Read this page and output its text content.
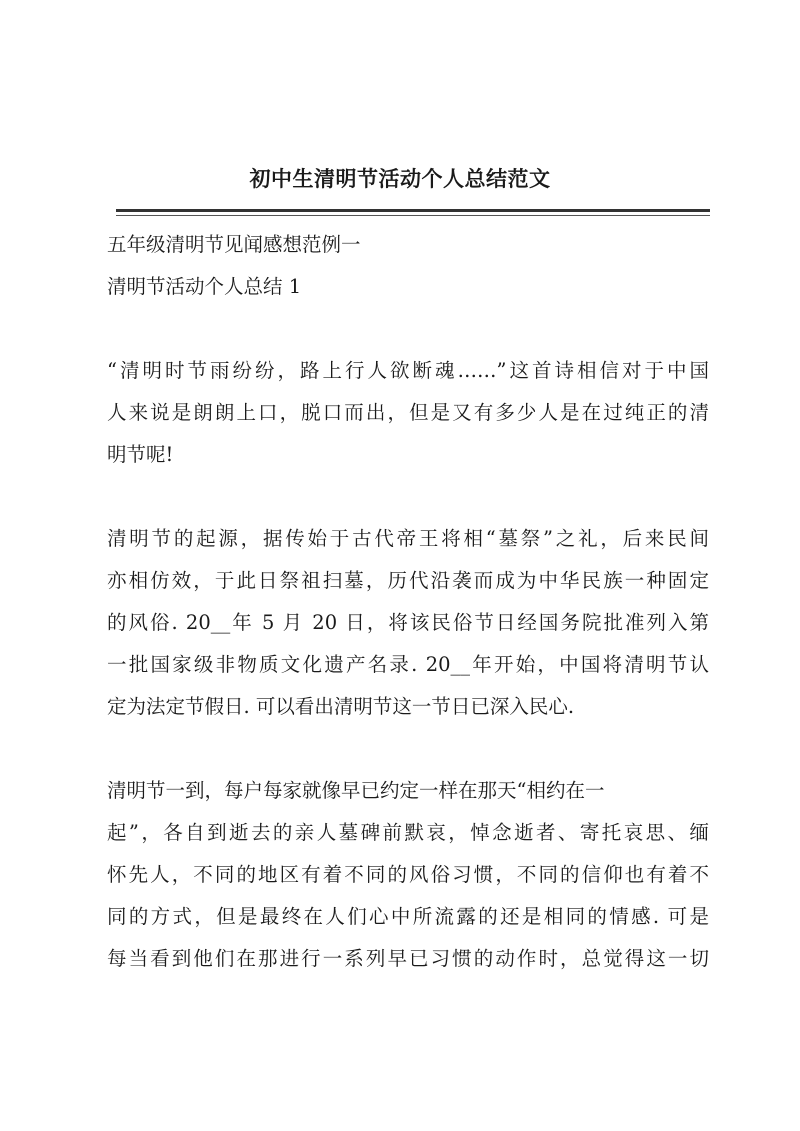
初中生清明节活动个人总结范文

五年级清明节见闻感想范例一

清明节活动个人总结 1

“清明时节雨纷纷，路上行人欲断魂……”这首诗相信对于中国
人来说是朗朗上口，脱口而出，但是又有多少人是在过纯正的清

明节呢!

清明节的起源，据传始于古代帝王将相“墓祭”之礼，后来民间
亦相仿效，于此日祭祖扫墓，历代沿袭而成为中华民族一种固定
的风俗. 20__年 5 月 20 日，将该民俗节日经国务院批准列入第
一批国家级非物质文化遗产名录. 20__年开始，中国将清明节认

定为法定节假日. 可以看出清明节这一节日已深入民心.

清明节一到，每户每家就像早已约定一样在那天“相约在一

起”，各自到逝去的亲人墓碑前默哀，悼念逝者、寄托哀思、缅
怀先人，不同的地区有着不同的风俗习惯，不同的信仰也有着不
同的方式，但是最终在人们心中所流露的还是相同的情感. 可是
每当看到他们在那进行一系列早已习惯的动作时，总觉得这一切
